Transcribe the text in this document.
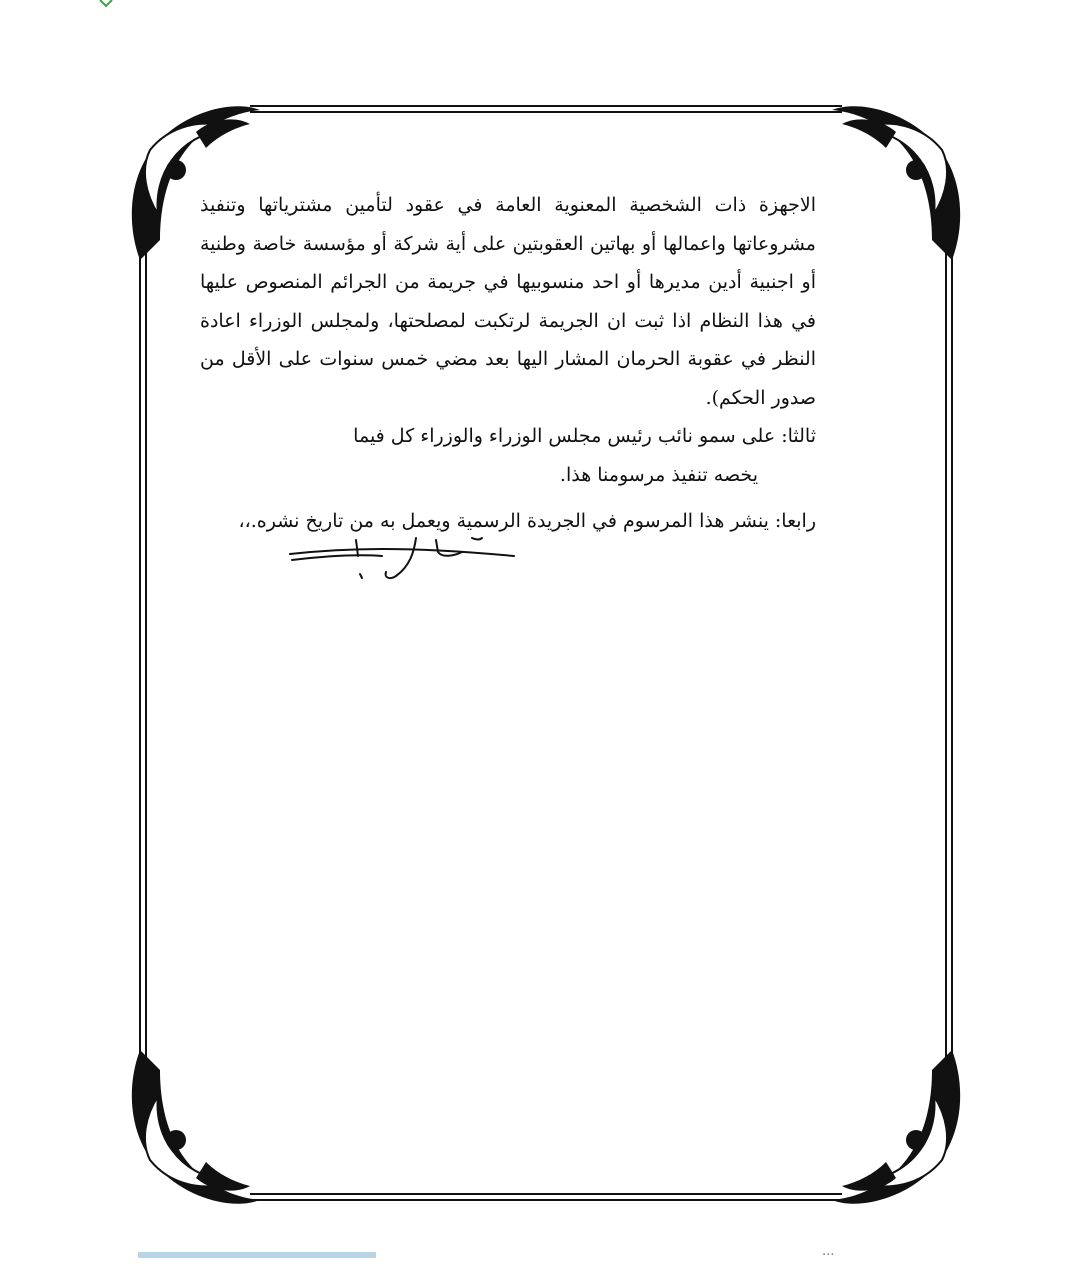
الاجهزة ذات الشخصية المعنوية العامة في عقود لتأمين مشترياتها وتنفيذ مشروعاتها واعمالها أو بهاتين العقوبتين على أية شركة أو مؤسسة خاصة وطنية أو اجنبية أدين مديرها أو احد منسوبيها في جريمة من الجرائم المنصوص عليها في هذا النظام اذا ثبت ان الجريمة لرتكبت لمصلحتها، ولمجلس الوزراء اعادة النظر في عقوبة الحرمان المشار اليها بعد مضي خمس سنوات على الأقل من صدور الحكم).

ثالثا: على سمو نائب رئيس مجلس الوزراء والوزراء كل فيما
يخصه تنفيذ مرسومنا هذا.

رابعا: ينشر هذا المرسوم في الجريدة الرسمية ويعمل به من تاريخ نشره.،،

...
